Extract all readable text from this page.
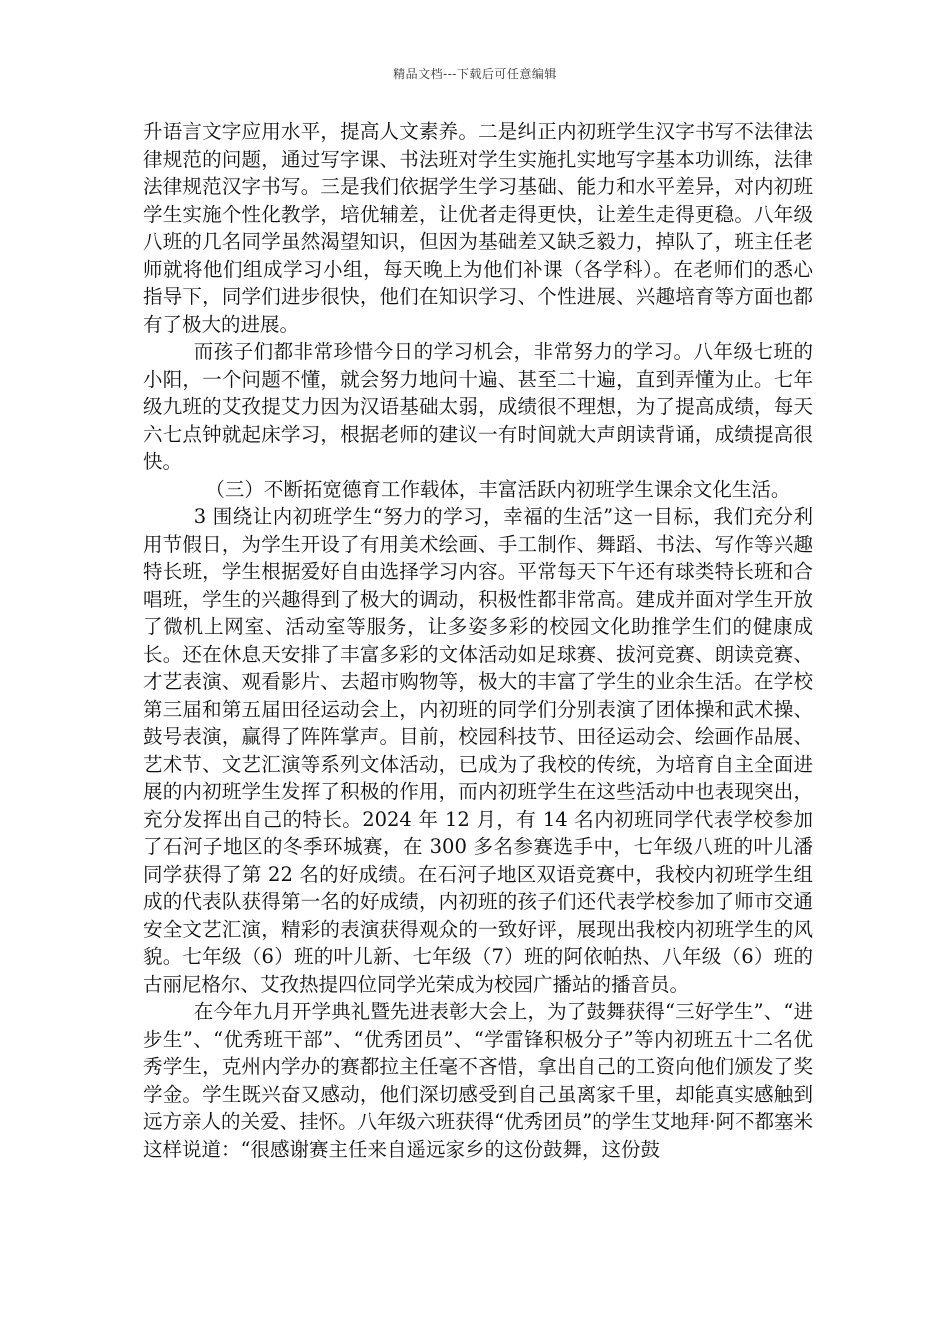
精品文档---下载后可任意编辑

升语言文字应用水平，提高人文素养。二是纠正内初班学生汉字书写不法律法律规范的问题，通过写字课、书法班对学生实施扎实地写字基本功训练，法律法律规范汉字书写。三是我们依据学生学习基础、能力和水平差异，对内初班学生实施个性化教学，培优辅差，让优者走得更快，让差生走得更稳。八年级八班的几名同学虽然渴望知识，但因为基础差又缺乏毅力，掉队了，班主任老师就将他们组成学习小组，每天晚上为他们补课（各学科）。在老师们的悉心指导下，同学们进步很快，他们在知识学习、个性进展、兴趣培育等方面也都有了极大的进展。

而孩子们都非常珍惜今日的学习机会，非常努力的学习。八年级七班的小阳，一个问题不懂，就会努力地问十遍、甚至二十遍，直到弄懂为止。七年级九班的艾孜提艾力因为汉语基础太弱，成绩很不理想，为了提高成绩，每天六七点钟就起床学习，根据老师的建议一有时间就大声朗读背诵，成绩提高很快。

（三）不断拓宽德育工作载体，丰富活跃内初班学生课余文化生活。

3 围绕让内初班学生“努力的学习，幸福的生活”这一目标，我们充分利用节假日，为学生开设了有用美术绘画、手工制作、舞蹈、书法、写作等兴趣特长班，学生根据爱好自由选择学习内容。平常每天下午还有球类特长班和合唱班，学生的兴趣得到了极大的调动，积极性都非常高。建成并面对学生开放了微机上网室、活动室等服务，让多姿多彩的校园文化助推学生们的健康成长。还在休息天安排了丰富多彩的文体活动如足球赛、拔河竞赛、朗读竞赛、才艺表演、观看影片、去超市购物等，极大的丰富了学生的业余生活。在学校第三届和第五届田径运动会上，内初班的同学们分别表演了团体操和武术操、鼓号表演，赢得了阵阵掌声。目前，校园科技节、田径运动会、绘画作品展、艺术节、文艺汇演等系列文体活动，已成为了我校的传统，为培育自主全面进展的内初班学生发挥了积极的作用，而内初班学生在这些活动中也表现突出，充分发挥出自己的特长。2024 年 12 月，有 14 名内初班同学代表学校参加了石河子地区的冬季环城赛，在 300 多名参赛选手中，七年级八班的叶儿潘同学获得了第 22 名的好成绩。在石河子地区双语竞赛中，我校内初班学生组成的代表队获得第一名的好成绩，内初班的孩子们还代表学校参加了师市交通安全文艺汇演，精彩的表演获得观众的一致好评，展现出我校内初班学生的风貌。七年级（6）班的叶儿新、七年级（7）班的阿依帕热、八年级（6）班的古丽尼格尔、艾孜热提四位同学光荣成为校园广播站的播音员。

在今年九月开学典礼暨先进表彰大会上，为了鼓舞获得“三好学生”、“进步生”、“优秀班干部”、“优秀团员”、“学雷锋积极分子”等内初班五十二名优秀学生，克州内学办的赛都拉主任毫不吝惜，拿出自己的工资向他们颁发了奖学金。学生既兴奋又感动，他们深切感受到自己虽离家千里，却能真实感触到远方亲人的关爱、挂怀。八年级六班获得“优秀团员”的学生艾地拜·阿不都塞米这样说道：“很感谢赛主任来自遥远家乡的这份鼓舞，这份鼓
